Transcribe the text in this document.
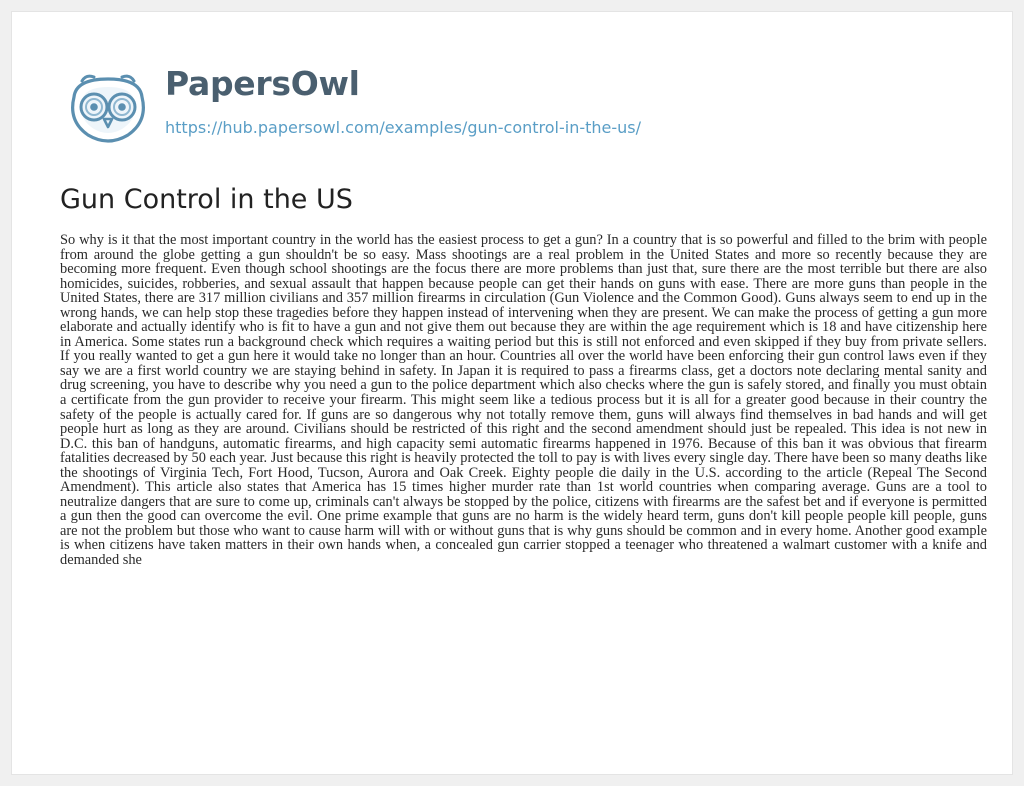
PapersOwl
https://hub.papersowl.com/examples/gun-control-in-the-us/
Gun Control in the US

So why is it that the most important country in the world has the easiest process to get a gun? In a country that is so powerful and filled to the brim with people from around the globe getting a gun shouldn't be so easy. Mass shootings are a real problem in the United States and more so recently because they are becoming more frequent. Even though school shootings are the focus there are more problems than just that, sure there are the most terrible but there are also homicides, suicides, robberies, and sexual assault that happen because people can get their hands on guns with ease. There are more guns than people in the United States, there are 317 million civilians and 357 million firearms in circulation (Gun Violence and the Common Good). Guns always seem to end up in the wrong hands, we can help stop these tragedies before they happen instead of intervening when they are present. We can make the process of getting a gun more elaborate and actually identify who is fit to have a gun and not give them out because they are within the age requirement which is 18 and have citizenship here in America. Some states run a background check which requires a waiting period but this is still not enforced and even skipped if they buy from private sellers. If you really wanted to get a gun here it would take no longer than an hour. Countries all over the world have been enforcing their gun control laws even if they say we are a first world country we are staying behind in safety. In Japan it is required to pass a firearms class, get a doctors note declaring mental sanity and drug screening, you have to describe why you need a gun to the police department which also checks where the gun is safely stored, and finally you must obtain a certificate from the gun provider to receive your firearm. This might seem like a tedious process but it is all for a greater good because in their country the safety of the people is actually cared for. If guns are so dangerous why not totally remove them, guns will always find themselves in bad hands and will get people hurt as long as they are around. Civilians should be restricted of this right and the second amendment should just be repealed. This idea is not new in D.C. this ban of handguns, automatic firearms, and high capacity semi automatic firearms happened in 1976. Because of this ban it was obvious that firearm fatalities decreased by 50 each year. Just because this right is heavily protected the toll to pay is with lives every single day. There have been so many deaths like the shootings of Virginia Tech, Fort Hood, Tucson, Aurora and Oak Creek. Eighty people die daily in the U.S. according to the article (Repeal The Second Amendment). This article also states that America has 15 times higher murder rate than 1st world countries when comparing average. Guns are a tool to neutralize dangers that are sure to come up, criminals can't always be stopped by the police, citizens with firearms are the safest bet and if everyone is permitted a gun then the good can overcome the evil. One prime example that guns are no harm is the widely heard term, guns don't kill people people kill people, guns are not the problem but those who want to cause harm will with or without guns that is why guns should be common and in every home. Another good example is when citizens have taken matters in their own hands when, a concealed gun carrier stopped a teenager who threatened a walmart customer with a knife and demanded she
